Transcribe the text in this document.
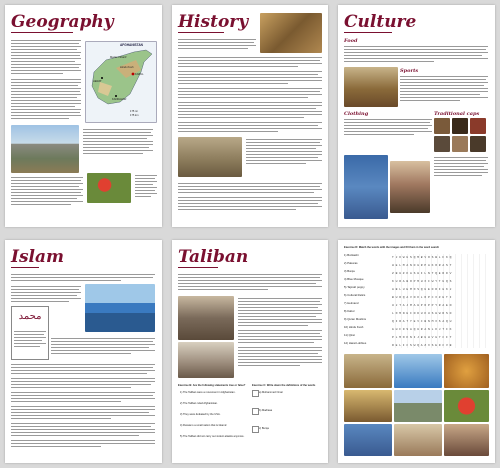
Geography
AFGHANISTAN
KABUL
HERAT
KANDAHAR
Hindu Kush
Mazar-i-Sharif
175 mi
175 km
History	Culture
Food
Sports
Clothing	Traditional caps
Islam
محمد
Taliban
Exercise B: Are the following statements true or false?
1) The Taliban were a movement in Afghanistan.
2) The Taliban ruled Afghanistan.
3) They were defeated by the USA.
4) Russia is a small nation that is Islamic
5) The Taliban did not carry out violent attacks anymore.
Exercise C: Write down the definitions of the words
a) Mohammed Omar
b) Madrasa
c) Burqa
Exercise D: Match the words with the images and fill them in the word search
1) Buzkashi
2) Pakoras
3) Burqa
4) Blue Mosque
5) Tajmah poppy
6) Cultural Relics
7) Helmand
8) Kabul
9) Quran Muslims
10) Hindu Kush
11) Qirat
12) Harat Lobbies
T J K W U S Q M B V O S B L F K Q
H E L M A N D G R P A K O R A S T
Z B U Z K A S H I L N T Q E R D V
K U R A B O P M H X I W Y T U Q S
A B L U E M O S Q U E D R F G K J
B U R Q A V N K L O P C X Z H T I
U J T A J M A H P O P P Y R A E N
L O M N H I N D U K U S H W R S D
Q I R A T Y E V C B N M X S A Q U
G H F D S A Q U R A N L K J T I K
P L M O K N I J B U H V G Y C F T
R E L I C S W Q A Z X S E D C V B
